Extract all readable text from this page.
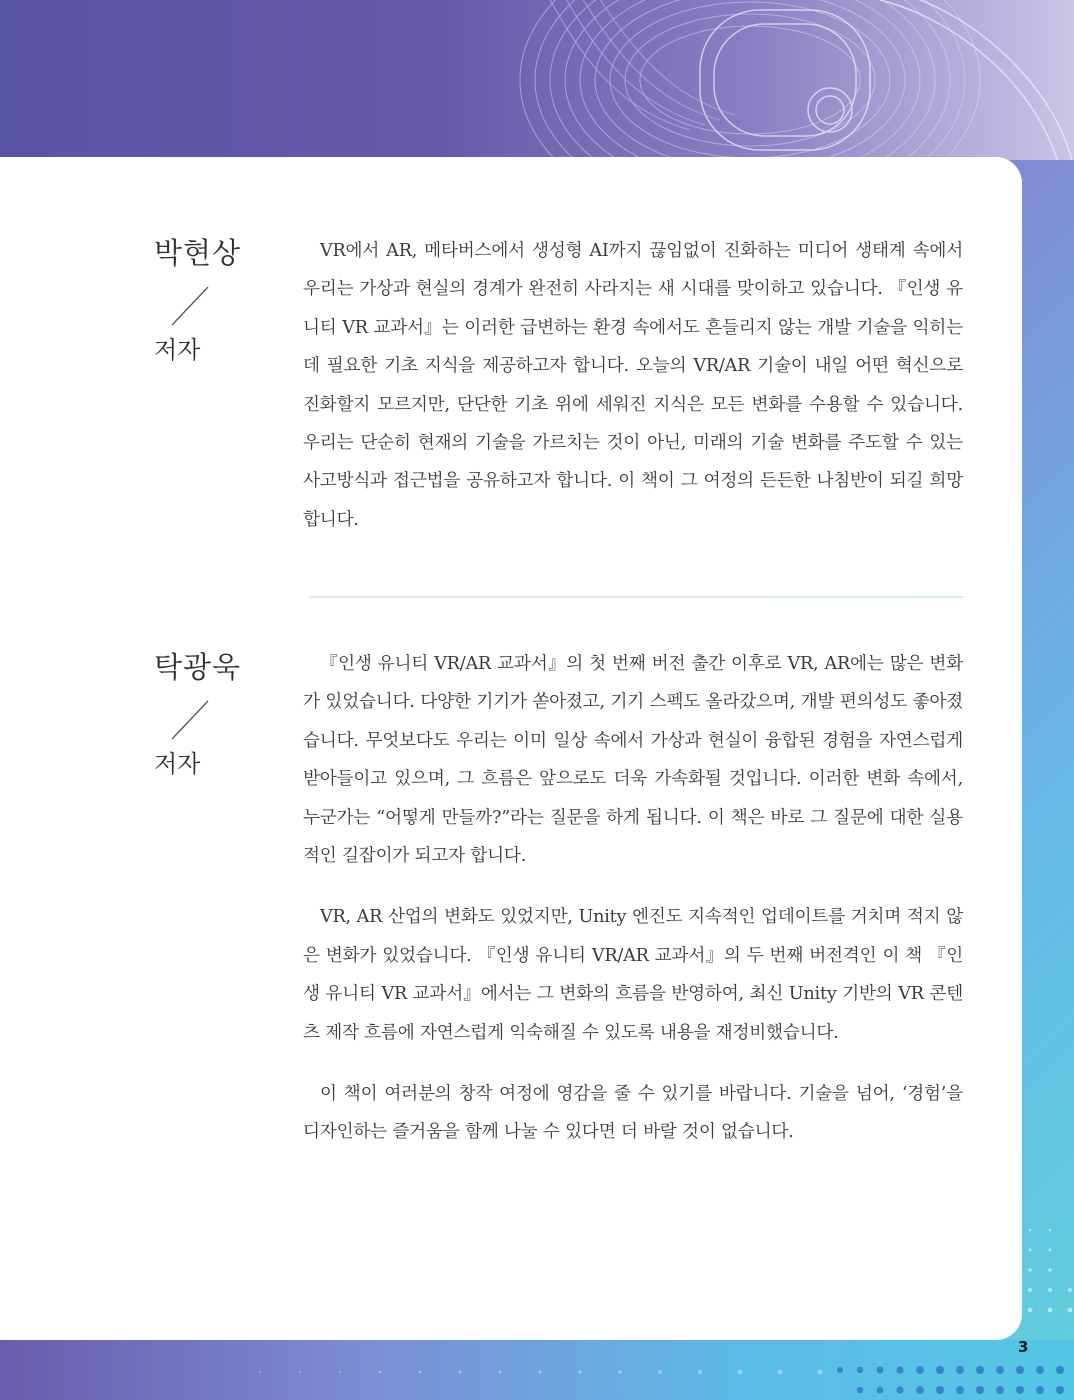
박현상
저자

VR에서 AR, 메타버스에서 생성형 AI까지 끊임없이 진화하는 미디어 생태계 속에서 우리는 가상과 현실의 경계가 완전히 사라지는 새 시대를 맞이하고 있습니다. 『인생 유니티 VR 교과서』는 이러한 급변하는 환경 속에서도 흔들리지 않는 개발 기술을 익히는 데 필요한 기초 지식을 제공하고자 합니다. 오늘의 VR/AR 기술이 내일 어떤 혁신으로 진화할지 모르지만, 단단한 기초 위에 세워진 지식은 모든 변화를 수용할 수 있습니다. 우리는 단순히 현재의 기술을 가르치는 것이 아닌, 미래의 기술 변화를 주도할 수 있는 사고방식과 접근법을 공유하고자 합니다. 이 책이 그 여정의 든든한 나침반이 되길 희망합니다.

탁광욱
저자

『인생 유니티 VR/AR 교과서』의 첫 번째 버전 출간 이후로 VR, AR에는 많은 변화가 있었습니다. 다양한 기기가 쏟아졌고, 기기 스펙도 올라갔으며, 개발 편의성도 좋아졌습니다. 무엇보다도 우리는 이미 일상 속에서 가상과 현실이 융합된 경험을 자연스럽게 받아들이고 있으며, 그 흐름은 앞으로도 더욱 가속화될 것입니다. 이러한 변화 속에서, 누군가는 “어떻게 만들까?”라는 질문을 하게 됩니다. 이 책은 바로 그 질문에 대한 실용적인 길잡이가 되고자 합니다.

VR, AR 산업의 변화도 있었지만, Unity 엔진도 지속적인 업데이트를 거치며 적지 않은 변화가 있었습니다. 『인생 유니티 VR/AR 교과서』의 두 번째 버전격인 이 책 『인생 유니티 VR 교과서』에서는 그 변화의 흐름을 반영하여, 최신 Unity 기반의 VR 콘텐츠 제작 흐름에 자연스럽게 익숙해질 수 있도록 내용을 재정비했습니다.

이 책이 여러분의 창작 여정에 영감을 줄 수 있기를 바랍니다. 기술을 넘어, ‘경험’을 디자인하는 즐거움을 함께 나눌 수 있다면 더 바랄 것이 없습니다.

3
